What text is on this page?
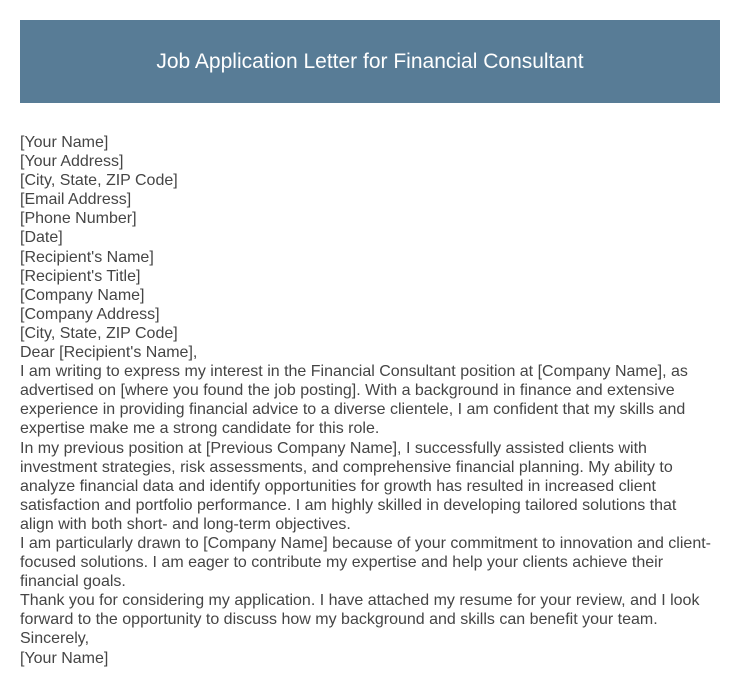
Job Application Letter for Financial Consultant
[Your Name]
[Your Address]
[City, State, ZIP Code]
[Email Address]
[Phone Number]
[Date]
[Recipient's Name]
[Recipient's Title]
[Company Name]
[Company Address]
[City, State, ZIP Code]
Dear [Recipient's Name],
I am writing to express my interest in the Financial Consultant position at [Company Name], as
advertised on [where you found the job posting]. With a background in finance and extensive
experience in providing financial advice to a diverse clientele, I am confident that my skills and
expertise make me a strong candidate for this role.
In my previous position at [Previous Company Name], I successfully assisted clients with
investment strategies, risk assessments, and comprehensive financial planning. My ability to
analyze financial data and identify opportunities for growth has resulted in increased client
satisfaction and portfolio performance. I am highly skilled in developing tailored solutions that
align with both short- and long-term objectives.
I am particularly drawn to [Company Name] because of your commitment to innovation and client-
focused solutions. I am eager to contribute my expertise and help your clients achieve their
financial goals.
Thank you for considering my application. I have attached my resume for your review, and I look
forward to the opportunity to discuss how my background and skills can benefit your team.
Sincerely,
[Your Name]
